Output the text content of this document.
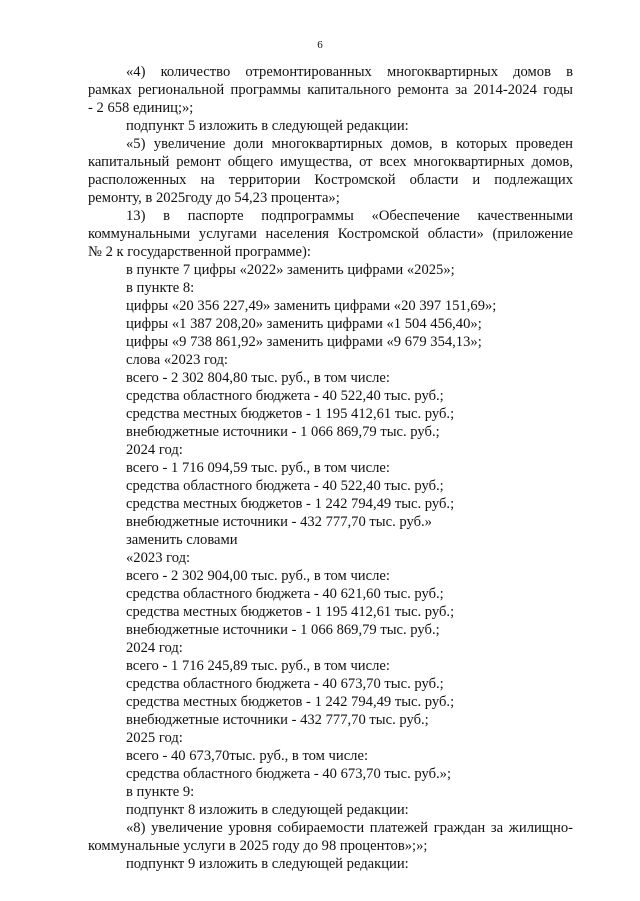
6

«4) количество отремонтированных многоквартирных домов в

рамках региональной программы капитального ремонта за 2014-2024 годы

- 2 658 единиц;»;

подпункт 5 изложить в следующей редакции:

«5) увеличение доли многоквартирных домов, в которых проведен

капитальный ремонт общего имущества, от всех многоквартирных домов,

расположенных на территории Костромской области и подлежащих

ремонту, в 2025году до 54,23 процента»;

13) в паспорте подпрограммы «Обеспечение качественными

коммунальными услугами населения Костромской области» (приложение

№ 2 к государственной программе):

в пункте 7 цифры «2022» заменить цифрами «2025»;

в пункте 8:

цифры «20 356 227,49» заменить цифрами «20 397 151,69»;

цифры «1 387 208,20» заменить цифрами «1 504 456,40»;

цифры «9 738 861,92» заменить цифрами «9 679 354,13»;

слова «2023 год:

всего - 2 302 804,80 тыс. руб., в том числе:

средства областного бюджета - 40 522,40 тыс. руб.;

средства местных бюджетов - 1 195 412,61 тыс. руб.;

внебюджетные источники - 1 066 869,79 тыс. руб.;

2024 год:

всего - 1 716 094,59 тыс. руб., в том числе:

средства областного бюджета - 40 522,40 тыс. руб.;

средства местных бюджетов - 1 242 794,49 тыс. руб.;

внебюджетные источники - 432 777,70 тыс. руб.»

заменить словами

«2023 год:

всего - 2 302 904,00 тыс. руб., в том числе:

средства областного бюджета - 40 621,60 тыс. руб.;

средства местных бюджетов - 1 195 412,61 тыс. руб.;

внебюджетные источники - 1 066 869,79 тыс. руб.;

2024 год:

всего - 1 716 245,89 тыс. руб., в том числе:

средства областного бюджета - 40 673,70 тыс. руб.;

средства местных бюджетов - 1 242 794,49 тыс. руб.;

внебюджетные источники - 432 777,70 тыс. руб.;

2025 год:

всего - 40 673,70тыс. руб., в том числе:

средства областного бюджета - 40 673,70 тыс. руб.»;

в пункте 9:

подпункт 8 изложить в следующей редакции:

«8) увеличение уровня собираемости платежей граждан за жилищно-

коммунальные услуги в 2025 году до 98 процентов»;»;

подпункт 9 изложить в следующей редакции:
